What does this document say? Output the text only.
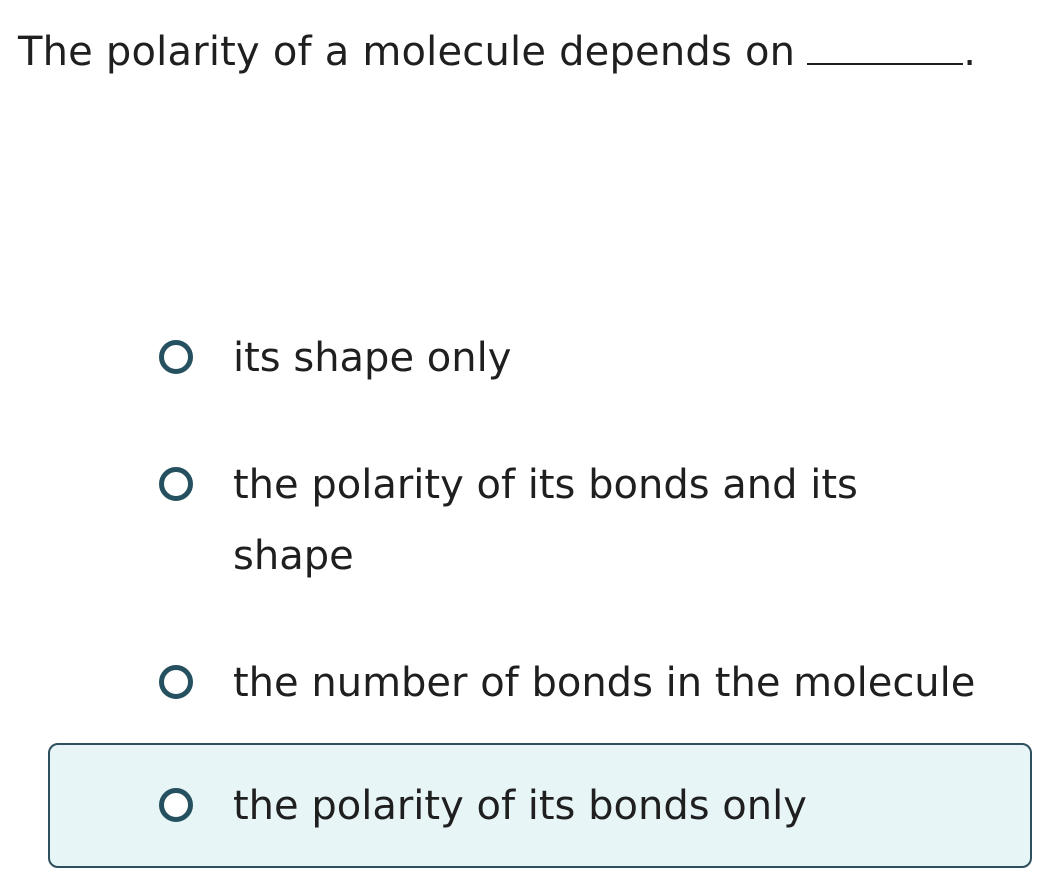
The polarity of a molecule depends on	.
its shape only
the polarity of its bonds and its shape
the number of bonds in the molecule
the polarity of its bonds only
